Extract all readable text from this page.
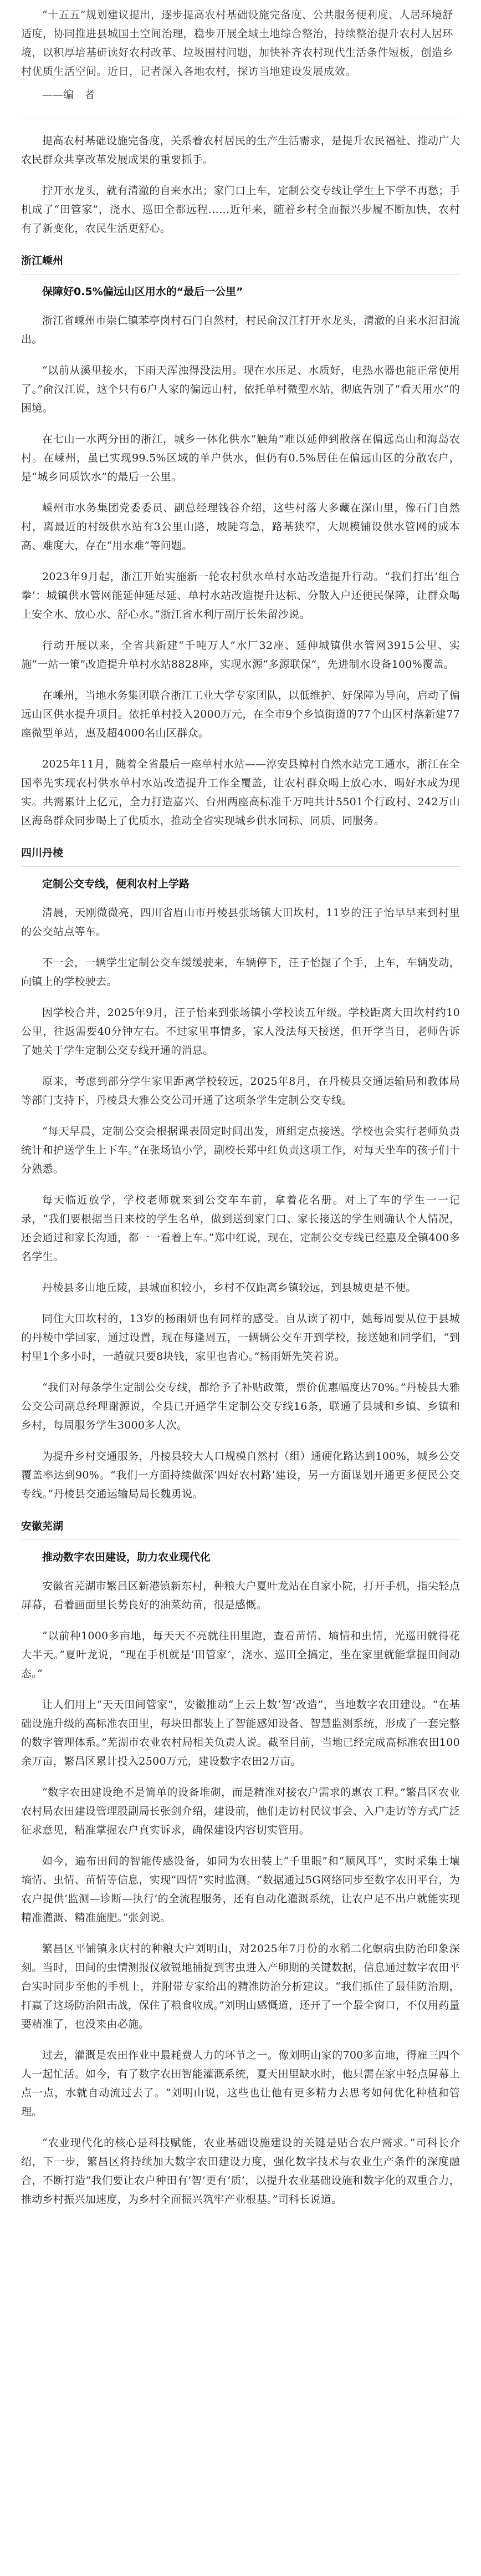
“十五五”规划建议提出，逐步提高农村基础设施完备度、公共服务便利度、人居环境舒适度，协同推进县城国土空间治理，稳步开展全域土地综合整治，持续整治提升农村人居环境，以积厚培基研读好农村改革、垃圾围村问题，加快补齐农村现代生活条件短板，创造乡村优质生活空间。近日，记者深入各地农村，探访当地建设发展成效。

——编　者

提高农村基础设施完备度，关系着农村居民的生产生活需求，是提升农民福祉、推动广大农民群众共享改革发展成果的重要抓手。

拧开水龙头，就有清澈的自来水出；家门口上车，定制公交专线让学生上下学不再愁；手机成了“田管家”，浇水、巡田全都远程……近年来，随着乡村全面振兴步履不断加快，农村有了新变化，农民生活更舒心。

浙江嵊州
保障好0.5%偏远山区用水的“最后一公里”

浙江省嵊州市崇仁镇苯亭岗村石门自然村，村民俞汉江打开水龙头，清澈的自来水汩汩流出。

“以前从溪里接水，下雨天浑浊得没法用。现在水压足、水质好，电热水器也能正常使用了。”俞汉江说，这个只有6户人家的偏远山村，依托单村微型水站，彻底告别了“看天用水”的困境。

在七山一水两分田的浙江，城乡一体化供水“触角”难以延伸到散落在偏远高山和海岛农村。在嵊州，虽已实现99.5%区域的单户供水，但仍有0.5%居住在偏远山区的分散农户，是“城乡同质饮水”的最后一公里。

嵊州市水务集团党委委员、副总经理钱谷介绍，这些村落大多藏在深山里，像石门自然村，离最近的村级供水站有3公里山路，坡陡弯急，路基狭窄，大规模铺设供水管网的成本高、难度大，存在“用水难”等问题。

2023年9月起，浙江开始实施新一轮农村供水单村水站改造提升行动。“我们打出‘组合拳’：城镇供水管网能延伸延尽延、单村水站改造提升达标、分散入户还便民保障，让群众喝上安全水、放心水、舒心水。”浙江省水利厅副厅长朱留沙说。

行动开展以来，全省共新建“千吨万人”水厂32座、延伸城镇供水管网3915公里、实施“一站一策”改造提升单村水站8828座，实现水源“多源联保”，先进制水设备100%覆盖。

在嵊州，当地水务集团联合浙江工业大学专家团队，以低维护、好保障为导向，启动了偏远山区供水提升项目。依托单村投入2000万元，在全市9个乡镇街道的77个山区村落新建77座微型单站，惠及超4000名山区群众。

2025年11月，随着全省最后一座单村水站——淳安县樟村自然水站完工通水，浙江在全国率先实现农村供水单村水站改造提升工作全覆盖，让农村群众喝上放心水、喝好水成为现实。共需累计上亿元，全力打造嘉兴、台州两座高标准千万吨共计5501个行政村、242万山区海岛群众同步喝上了优质水，推动全省实现城乡供水同标、同质、同服务。

四川丹棱
定制公交专线，便利农村上学路

清晨，天刚微微亮，四川省眉山市丹棱县张场镇大田坎村，11岁的汪子怡早早来到村里的公交站点等车。

不一会，一辆学生定制公交车缓缓驶来，车辆停下，汪子怡握了个手，上车，车辆发动，向镇上的学校驶去。

因学校合并，2025年9月，汪子怡来到张场镇小学校读五年级。学校距离大田坎村约10公里，往返需要40分钟左右。不过家里事情多，家人没法每天接送，但开学当日，老师告诉了她关于学生定制公交专线开通的消息。

原来，考虑到部分学生家里距离学校较远，2025年8月，在丹棱县交通运输局和教体局等部门支持下，丹棱县大雅公交公司开通了这项条学生定制公交专线。

“每天早晨，定制公交会根据课表固定时间出发，班组定点接送。学校也会实行老师负责统计和护送学生上下车。”在张场镇小学，副校长郑中红负责这项工作，对每天坐车的孩子们十分熟悉。

每天临近放学，学校老师就来到公交车车前，拿着花名册。对上了车的学生一一记录，“我们要根据当日来校的学生名单，做到送到家门口、家长接送的学生则确认个人情况，还会通过和家长沟通，都一一看着上车。”郑中红说，现在，定制公交专线已经惠及全镇400多名学生。

丹棱县多山地丘陵，县城面积较小，乡村不仅距离乡镇较远，到县城更是不便。

同住大田坎村的，13岁的杨雨妍也有同样的感受。自从读了初中，她每周要从位于县城的丹棱中学回家，通过设置，现在每逢周五，一辆辆公交车开到学校，接送她和同学们，“到村里1个多小时，一趟就只要8块钱，家里也省心。”杨雨妍先笑着说。

“我们对每条学生定制公交专线，都给予了补贴政策，票价优惠幅度达70%。”丹棱县大雅公交公司副总经理谢源说，全县已开通学生定制公交专线16条，联通了县城和乡镇、乡镇和乡村，每周服务学生3000多人次。

为提升乡村交通服务，丹棱县较大人口规模自然村（组）通硬化路达到100%，城乡公交覆盖率达到90%。“我们一方面持续做深‘四好农村路’建设，另一方面谋划开通更多便民公交专线。”丹棱县交通运输局局长魏勇说。

安徽芜湖
推动数字农田建设，助力农业现代化

安徽省芜湖市繁昌区新港镇新东村，种粮大户夏叶龙站在自家小院，打开手机，指尖轻点屏幕，看着画面里长势良好的油菜幼苗，很是感慨。

“以前种1000多亩地，每天天不亮就往田里跑，查看苗情、墒情和虫情，光巡田就得花大半天。”夏叶龙说，“现在手机就是‘田管家’，浇水、巡田全搞定，坐在家里就能掌握田间动态。”

让人们用上“天天田间管家”，安徽推动“上云上数‘智’改造”，当地数字农田建设。“在基础设施升级的高标准农田里，每块田都装上了智能感知设备、智慧监测系统，形成了一套完整的数字管理体系。”芜湖市农业农村局相关负责人说。截至目前，当地已经完成高标准农田100余万亩，繁昌区累计投入2500万元，建设数字农田2万亩。

“数字农田建设绝不是简单的设备堆砌，而是精准对接农户需求的惠农工程。”繁昌区农业农村局农田建设管理股副局长张剑介绍，建设前，他们走访村民议事会、入户走访等方式广泛征求意见，精准掌握农户真实诉求，确保建设内容切实管用。

如今，遍布田间的智能传感设备，如同为农田装上“千里眼”和“顺风耳”，实时采集土壤墒情、虫情、苗情等信息，实现“四情”实时监测。“数据通过5G网络同步至数字农田平台，为农户提供‘监测—诊断—执行’的全流程服务，还有自动化灌溉系统，让农户足不出户就能实现精准灌溉、精准施肥。”张剑说。

繁昌区平铺镇永庆村的种粮大户刘明山，对2025年7月份的水稻二化螟病虫防治印象深刻。当时，田间的虫情测报仪敏锐地捕捉到害虫进入产卵期的关键数据，信息通过数字农田平台实时同步至他的手机上，并附带专家给出的精准防治分析建议。“我们抓住了最佳防治期，打赢了这场防治阻击战，保住了粮食收成。”刘明山感慨道，还开了一个最全窗口，不仅用药量要精准了，也没来由必施。

过去，灌溉是农田作业中最耗费人力的环节之一。像刘明山家的700多亩地，得雇三四个人一起忙活。如今，有了数字农田智能灌溉系统，夏天田里缺水时，他只需在家中轻点屏幕上点一点，水就自动流过去了。“刘明山说，这些也让他有更多精力去思考如何优化种植和管理。

“农业现代化的核心是科技赋能，农业基础设施建设的关键是贴合农户需求。”司科长介绍，下一步，繁昌区将持续加大数字农田建设力度，强化数字技术与农业生产条件的深度融合，不断打造“我们要让农户种田有‘智’更有‘质’，以提升农业基础设施和数字化的双重合力，推动乡村振兴加速度，为乡村全面振兴筑牢产业根基。”司科长说道。
